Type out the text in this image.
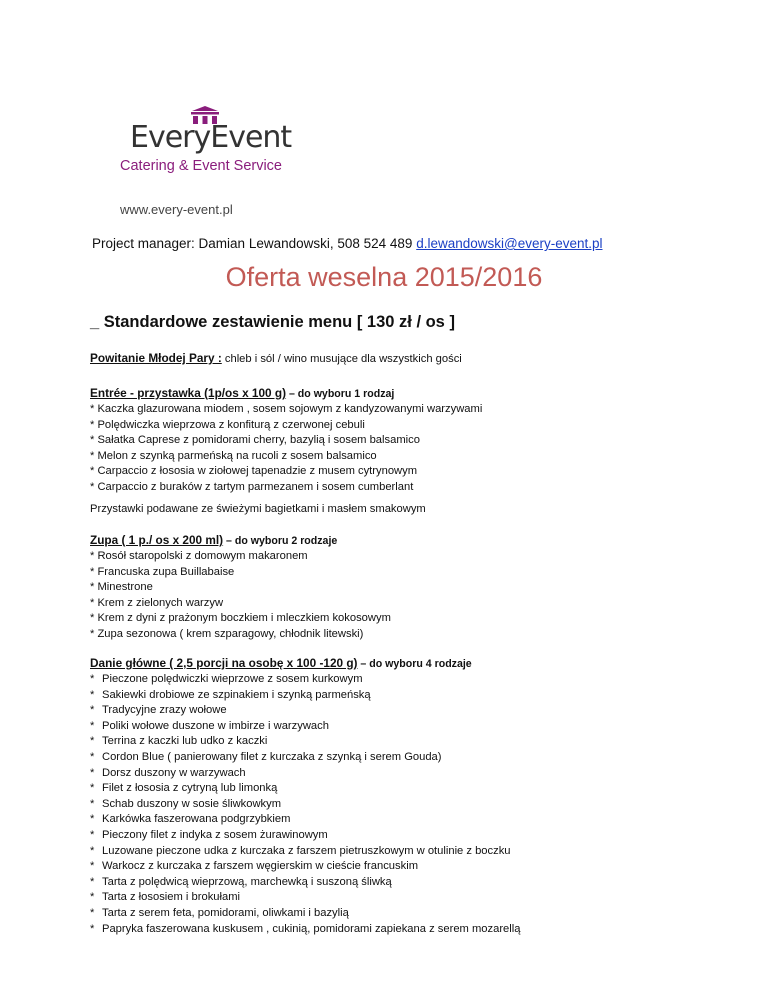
EveryEvent
Catering & Event Service
www.every-event.pl
Project manager: Damian Lewandowski, 508 524 489 d.lewandowski@every-event.pl
Oferta weselna 2015/2016
_ Standardowe zestawienie menu [ 130 zł / os ]
Powitanie Młodej Pary : chleb i sól / wino musujące dla wszystkich gości
Entrée - przystawka (1p/os x 100 g) – do wyboru 1 rodzaj
* Kaczka glazurowana miodem , sosem sojowym z kandyzowanymi warzywami
* Polędwiczka wieprzowa z konfiturą z czerwonej cebuli
* Sałatka Caprese z pomidorami cherry, bazylią i sosem balsamico
* Melon z szynką parmeńską na rucoli z sosem balsamico
* Carpaccio z łososia w ziołowej tapenadzie z musem cytrynowym
* Carpaccio z buraków z tartym parmezanem i sosem cumberlant
Przystawki podawane ze świeżymi bagietkami i masłem smakowym
Zupa ( 1 p./ os x 200 ml) – do wyboru 2 rodzaje
* Rosół staropolski z domowym makaronem
* Francuska zupa Buillabaise
* Minestrone
* Krem z zielonych warzyw
* Krem z dyni z prażonym boczkiem i mleczkiem kokosowym
* Zupa sezonowa ( krem szparagowy, chłodnik litewski)
Danie główne ( 2,5 porcji na osobę x 100 -120 g) – do wyboru 4 rodzaje
* Pieczone polędwiczki wieprzowe z sosem kurkowym
* Sakiewki drobiowe ze szpinakiem i szynką parmeńską
* Tradycyjne zrazy wołowe
* Poliki wołowe duszone w imbirze i warzywach
* Terrina z kaczki lub udko z kaczki
* Cordon Blue ( panierowany filet z kurczaka z szynką i serem Gouda)
* Dorsz duszony w warzywach
* Filet z łososia z cytryną lub limonką
* Schab duszony w sosie śliwkowkym
* Karkówka faszerowana podgrzybkiem
* Pieczony filet z indyka z sosem żurawinowym
* Luzowane pieczone udka z kurczaka z farszem pietruszkowym w otulinie z boczku
* Warkocz z kurczaka z farszem węgierskim w cieście francuskim
* Tarta z polędwicą wieprzową, marchewką i suszoną śliwką
* Tarta z łososiem i brokułami
* Tarta z serem feta, pomidorami, oliwkami i bazylią
* Papryka faszerowana kuskusem , cukinią, pomidorami zapiekana z serem mozarellą
